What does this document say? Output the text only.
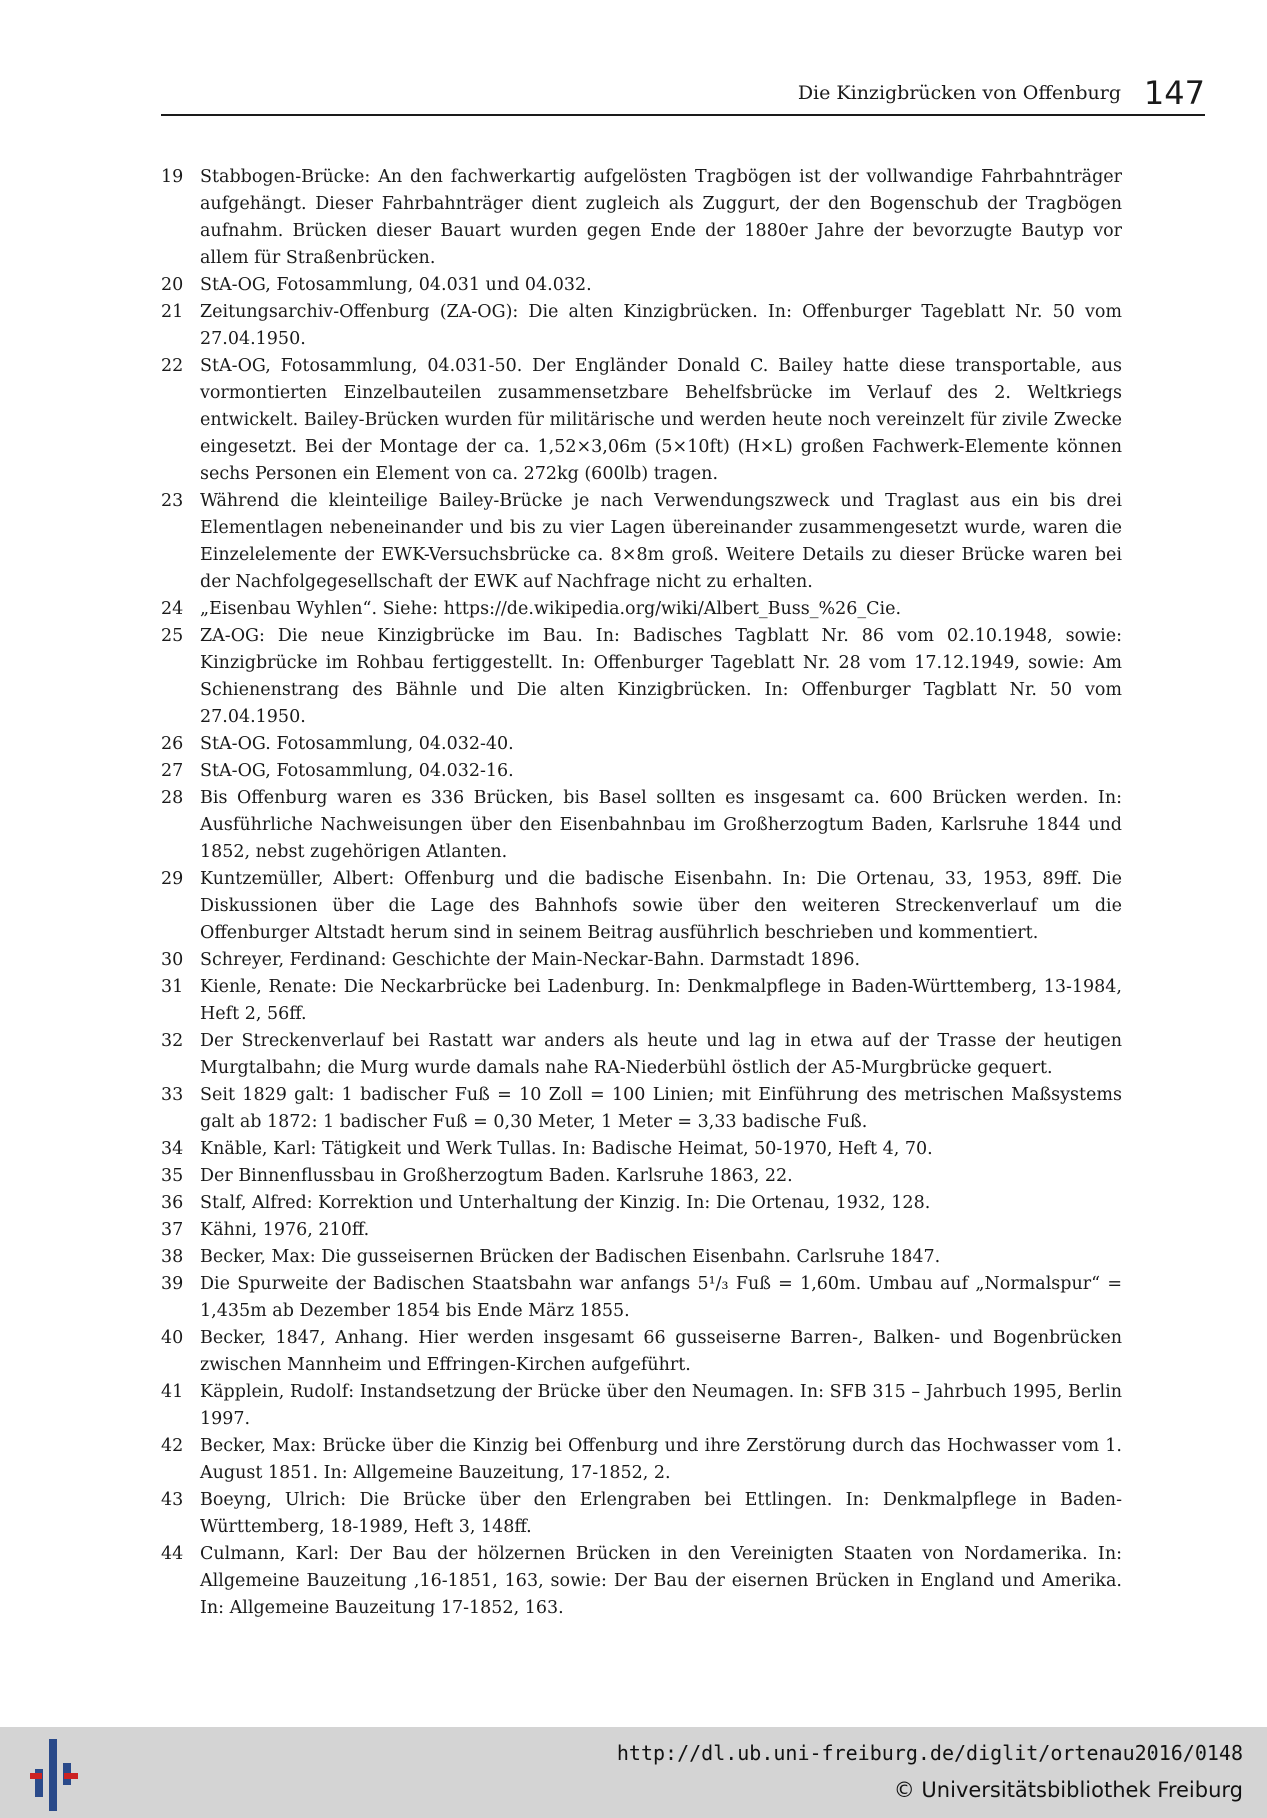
Die Kinzigbrücken von Offenburg 147
19 Stabbogen-Brücke: An den fachwerkartig aufgelösten Tragbögen ist der vollwandige Fahrbahnträger aufgehängt. Dieser Fahrbahnträger dient zugleich als Zuggurt, der den Bogenschub der Tragbögen aufnahm. Brücken dieser Bauart wurden gegen Ende der 1880er Jahre der bevorzugte Bautyp vor allem für Straßenbrücken.
20 StA-OG, Fotosammlung, 04.031 und 04.032.
21 Zeitungsarchiv-Offenburg (ZA-OG): Die alten Kinzigbrücken. In: Offenburger Tageblatt Nr. 50 vom 27.04.1950.
22 StA-OG, Fotosammlung, 04.031-50. Der Engländer Donald C. Bailey hatte diese transportable, aus vormontierten Einzelbauteilen zusammensetzbare Behelfsbrücke im Verlauf des 2. Weltkriegs entwickelt. Bailey-Brücken wurden für militärische und werden heute noch vereinzelt für zivile Zwecke eingesetzt. Bei der Montage der ca. 1,52×3,06m (5×10ft) (H×L) großen Fachwerk-Elemente können sechs Personen ein Element von ca. 272kg (600lb) tragen.
23 Während die kleinteilige Bailey-Brücke je nach Verwendungszweck und Traglast aus ein bis drei Elementlagen nebeneinander und bis zu vier Lagen übereinander zusammengesetzt wurde, waren die Einzelelemente der EWK-Versuchsbrücke ca. 8×8m groß. Weitere Details zu dieser Brücke waren bei der Nachfolgegesellschaft der EWK auf Nachfrage nicht zu erhalten.
24 „Eisenbau Wyhlen“. Siehe: https://de.wikipedia.org/wiki/Albert_Buss_%26_Cie.
25 ZA-OG: Die neue Kinzigbrücke im Bau. In: Badisches Tagblatt Nr. 86 vom 02.10.1948, sowie: Kinzigbrücke im Rohbau fertiggestellt. In: Offenburger Tageblatt Nr. 28 vom 17.12.1949, sowie: Am Schienenstrang des Bähnle und Die alten Kinzigbrücken. In: Offenburger Tagblatt Nr. 50 vom 27.04.1950.
26 StA-OG. Fotosammlung, 04.032-40.
27 StA-OG, Fotosammlung, 04.032-16.
28 Bis Offenburg waren es 336 Brücken, bis Basel sollten es insgesamt ca. 600 Brücken werden. In: Ausführliche Nachweisungen über den Eisenbahnbau im Großherzogtum Baden, Karlsruhe 1844 und 1852, nebst zugehörigen Atlanten.
29 Kuntzemüller, Albert: Offenburg und die badische Eisenbahn. In: Die Ortenau, 33, 1953, 89ff. Die Diskussionen über die Lage des Bahnhofs sowie über den weiteren Streckenverlauf um die Offenburger Altstadt herum sind in seinem Beitrag ausführlich beschrieben und kommentiert.
30 Schreyer, Ferdinand: Geschichte der Main-Neckar-Bahn. Darmstadt 1896.
31 Kienle, Renate: Die Neckarbrücke bei Ladenburg. In: Denkmalpflege in Baden-Württemberg, 13-1984, Heft 2, 56ff.
32 Der Streckenverlauf bei Rastatt war anders als heute und lag in etwa auf der Trasse der heutigen Murgtalbahn; die Murg wurde damals nahe RA-Niederbühl östlich der A5-Murgbrücke gequert.
33 Seit 1829 galt: 1 badischer Fuß = 10 Zoll = 100 Linien; mit Einführung des metrischen Maßsystems galt ab 1872: 1 badischer Fuß = 0,30 Meter, 1 Meter = 3,33 badische Fuß.
34 Knäble, Karl: Tätigkeit und Werk Tullas. In: Badische Heimat, 50-1970, Heft 4, 70.
35 Der Binnenflussbau in Großherzogtum Baden. Karlsruhe 1863, 22.
36 Stalf, Alfred: Korrektion und Unterhaltung der Kinzig. In: Die Ortenau, 1932, 128.
37 Kähni, 1976, 210ff.
38 Becker, Max: Die gusseisernen Brücken der Badischen Eisenbahn. Carlsruhe 1847.
39 Die Spurweite der Badischen Staatsbahn war anfangs 5¹/₃ Fuß = 1,60m. Umbau auf „Normalspur“ = 1,435m ab Dezember 1854 bis Ende März 1855.
40 Becker, 1847, Anhang. Hier werden insgesamt 66 gusseiserne Barren-, Balken- und Bogenbrücken zwischen Mannheim und Effringen-Kirchen aufgeführt.
41 Käpplein, Rudolf: Instandsetzung der Brücke über den Neumagen. In: SFB 315 – Jahrbuch 1995, Berlin 1997.
42 Becker, Max: Brücke über die Kinzig bei Offenburg und ihre Zerstörung durch das Hochwasser vom 1. August 1851. In: Allgemeine Bauzeitung, 17-1852, 2.
43 Boeyng, Ulrich: Die Brücke über den Erlengraben bei Ettlingen. In: Denkmalpflege in Baden-Württemberg, 18-1989, Heft 3, 148ff.
44 Culmann, Karl: Der Bau der hölzernen Brücken in den Vereinigten Staaten von Nordamerika. In: Allgemeine Bauzeitung ,16-1851, 163, sowie: Der Bau der eisernen Brücken in England und Amerika. In: Allgemeine Bauzeitung 17-1852, 163.
http://dl.ub.uni-freiburg.de/diglit/ortenau2016/0148
© Universitätsbibliothek Freiburg
